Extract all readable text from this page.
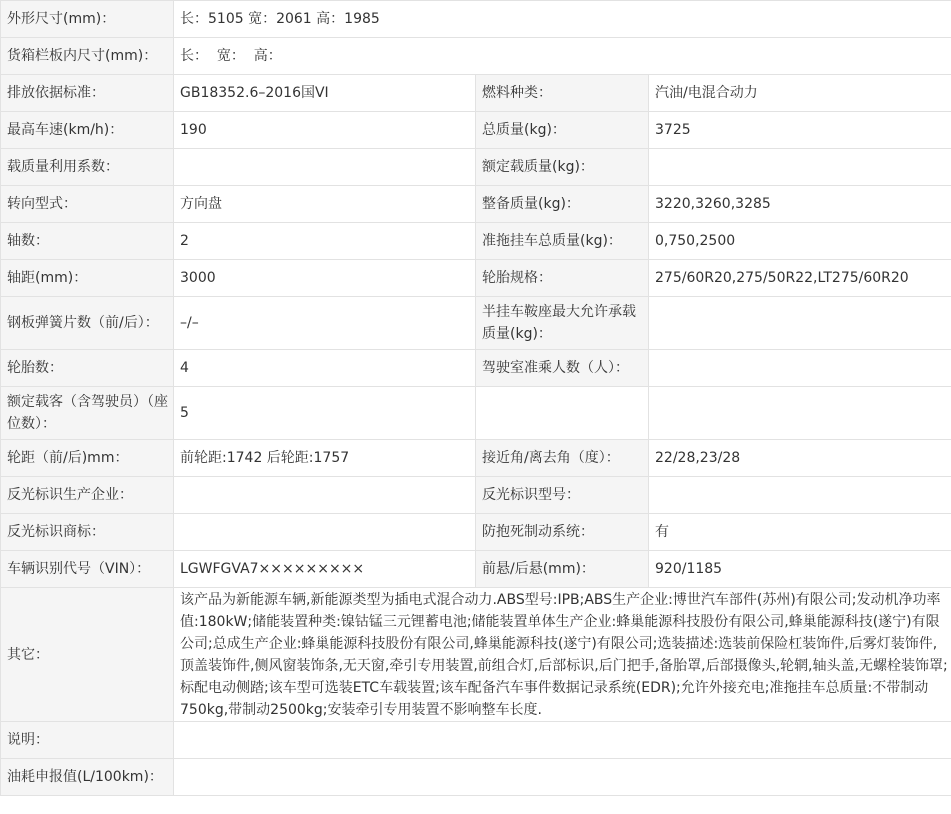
外形尺寸(mm)：	长：5105 宽：2061 高：1985		
货箱栏板内尺寸(mm)：	长：  宽：  高：		
排放依据标准：	GB18352.6–2016国VI	燃料种类：	汽油/电混合动力
最高车速(km/h)：	190	总质量(kg)：	3725
载质量利用系数：		额定载质量(kg)：	
转向型式：	方向盘	整备质量(kg)：	3220,3260,3285
轴数：	2	准拖挂车总质量(kg)：	0,750,2500
轴距(mm)：	3000	轮胎规格：	275/60R20,275/50R22,LT275/60R20
钢板弹簧片数（前/后）：	–/–	半挂车鞍座最大允许承载质量(kg)：	
轮胎数：	4	驾驶室准乘人数（人）：	
额定载客（含驾驶员）（座位数）：	5		
轮距（前/后)mm：	前轮距:1742 后轮距:1757	接近角/离去角（度）：	22/28,23/28
反光标识生产企业：		反光标识型号：	
反光标识商标：		防抱死制动系统：	有
车辆识别代号（VIN）：	LGWFGVA7×××××××××	前悬/后悬(mm)：	920/1185
其它：	该产品为新能源车辆,新能源类型为插电式混合动力.ABS型号:IPB;ABS生产企业:博世汽车部件(苏州)有限公司;发动机净功率值:180kW;储能装置种类:镍钴锰三元锂蓄电池;储能装置单体生产企业:蜂巢能源科技股份有限公司,蜂巢能源科技(遂宁)有限公司;总成生产企业:蜂巢能源科技股份有限公司,蜂巢能源科技(遂宁)有限公司;选装描述:选装前保险杠装饰件,后雾灯装饰件,顶盖装饰件,侧风窗装饰条,无天窗,牵引专用装置,前组合灯,后部标识,后门把手,备胎罩,后部摄像头,轮辋,轴头盖,无螺栓装饰罩;标配电动侧踏;该车型可选装ETC车载装置;该车配备汽车事件数据记录系统(EDR);允许外接充电;准拖挂车总质量:不带制动750kg,带制动2500kg;安装牵引专用装置不影响整车长度.		
说明：			
油耗申报值(L/100km)：			
